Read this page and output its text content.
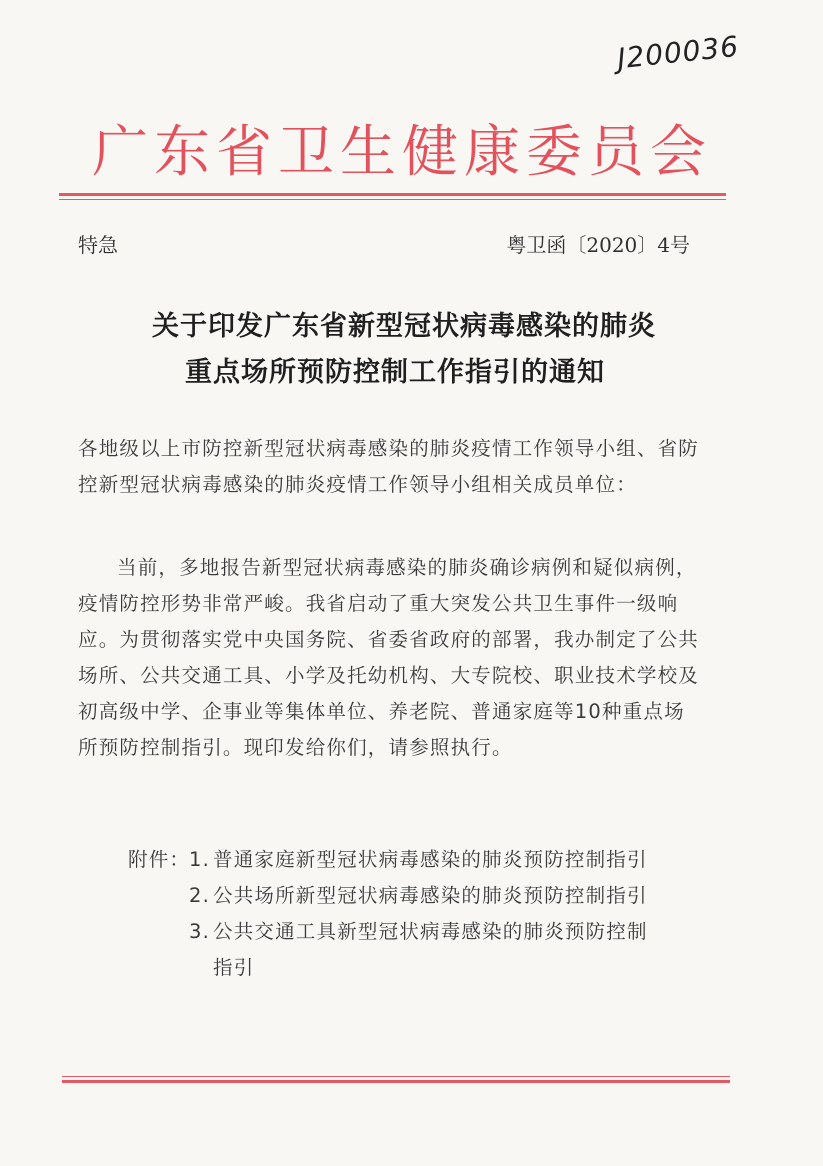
J200036
广东省卫生健康委员会
特急	粤卫函〔2020〕4号
关于印发广东省新型冠状病毒感染的肺炎
重点场所预防控制工作指引的通知
各地级以上市防控新型冠状病毒感染的肺炎疫情工作领导小组、省防控新型冠状病毒感染的肺炎疫情工作领导小组相关成员单位：
当前，多地报告新型冠状病毒感染的肺炎确诊病例和疑似病例，疫情防控形势非常严峻。我省启动了重大突发公共卫生事件一级响应。为贯彻落实党中央国务院、省委省政府的部署，我办制定了公共场所、公共交通工具、小学及托幼机构、大专院校、职业技术学校及初高级中学、企事业等集体单位、养老院、普通家庭等10种重点场所预防控制指引。现印发给你们，请参照执行。
附件：
1. 普通家庭新型冠状病毒感染的肺炎预防控制指引
2. 公共场所新型冠状病毒感染的肺炎预防控制指引
3. 公共交通工具新型冠状病毒感染的肺炎预防控制指引
